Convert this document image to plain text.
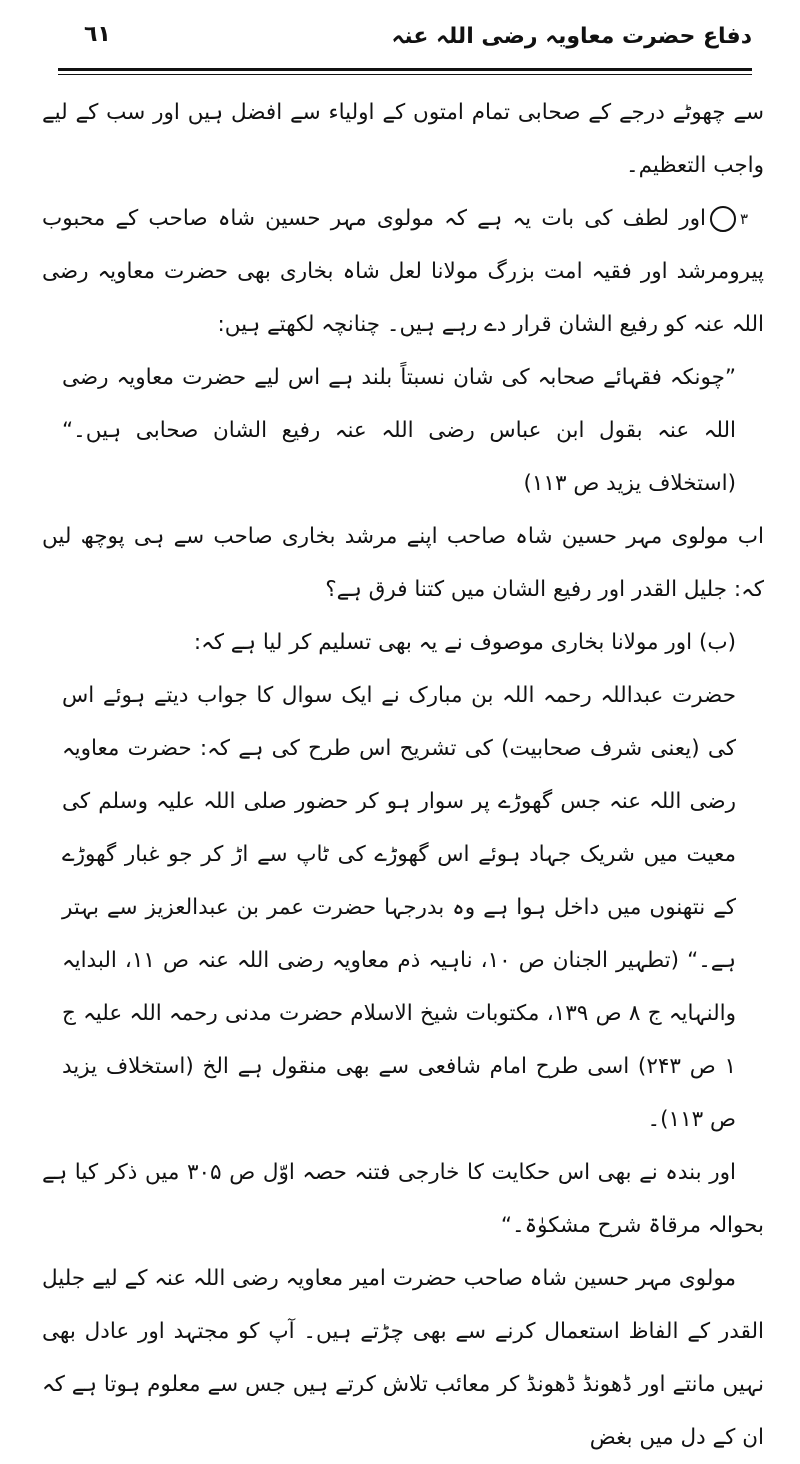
دفاع حضرت معاویہ رضی اللہ عنہ
٦١

سے چھوٹے درجے کے صحابی تمام امتوں کے اولیاء سے افضل ہیں اور سب کے لیے واجب التعظیم۔

٣اور لطف کی بات یہ ہے کہ مولوی مہر حسین شاہ صاحب کے محبوب پیرومرشد اور فقیہ امت بزرگ مولانا لعل شاہ بخاری بھی حضرت معاویہ رضی اللہ عنہ کو رفیع الشان قرار دے رہے ہیں۔ چنانچہ لکھتے ہیں:

”چونکہ فقہائے صحابہ کی شان نسبتاً بلند ہے اس لیے حضرت معاویہ رضی اللہ عنہ بقول ابن عباس رضی اللہ عنہ رفیع الشان صحابی ہیں۔“ (استخلاف یزید ص ۱۱۳)

اب مولوی مہر حسین شاہ صاحب اپنے مرشد بخاری صاحب سے ہی پوچھ لیں کہ: جلیل القدر اور رفیع الشان میں کتنا فرق ہے؟

(ب) اور مولانا بخاری موصوف نے یہ بھی تسلیم کر لیا ہے کہ:

حضرت عبداللہ رحمہ اللہ بن مبارک نے ایک سوال کا جواب دیتے ہوئے اس کی (یعنی شرف صحابیت) کی تشریح اس طرح کی ہے کہ: حضرت معاویہ رضی اللہ عنہ جس گھوڑے پر سوار ہو کر حضور صلی اللہ علیہ وسلم کی معیت میں شریک جہاد ہوئے اس گھوڑے کی ٹاپ سے اڑ کر جو غبار گھوڑے کے نتھنوں میں داخل ہوا ہے وہ بدرجہا حضرت عمر بن عبدالعزیز سے بہتر ہے۔“ (تطہیر الجنان ص ۱۰، ناہیہ ذم معاویہ رضی اللہ عنہ ص ۱۱، البدایہ والنہایہ ج ۸ ص ۱۳۹، مکتوبات شیخ الاسلام حضرت مدنی رحمہ اللہ علیہ ج ۱ ص ۲۴۳) اسی طرح امام شافعی سے بھی منقول ہے الخ (استخلاف یزید ص ۱۱۳)۔

اور بندہ نے بھی اس حکایت کا خارجی فتنہ حصہ اوّل ص ۳۰۵ میں ذکر کیا ہے بحوالہ مرقاۃ شرح مشکوٰۃ۔“

مولوی مہر حسین شاہ صاحب حضرت امیر معاویہ رضی اللہ عنہ کے لیے جلیل القدر کے الفاظ استعمال کرنے سے بھی چڑتے ہیں۔ آپ کو مجتہد اور عادل بھی نہیں مانتے اور ڈھونڈ ڈھونڈ کر معائب تلاش کرتے ہیں جس سے معلوم ہوتا ہے کہ ان کے دل میں بغض
